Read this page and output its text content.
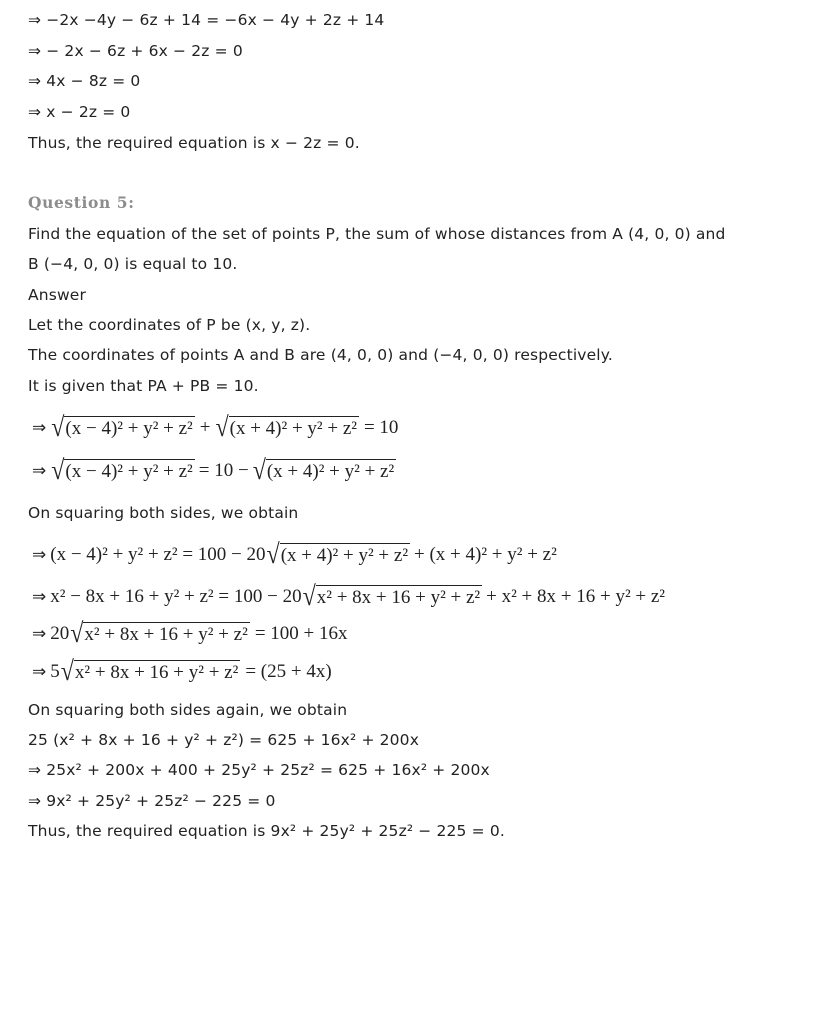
⇒ −2x −4y − 6z + 14 = −6x − 4y + 2z + 14
⇒ − 2x − 6z + 6x − 2z = 0
⇒ 4x − 8z = 0
⇒ x − 2z = 0
Thus, the required equation is x − 2z = 0.
Question 5:
Find the equation of the set of points P, the sum of whose distances from A (4, 0, 0) and
B (−4, 0, 0) is equal to 10.
Answer
Let the coordinates of P be (x, y, z).
The coordinates of points A and B are (4, 0, 0) and (−4, 0, 0) respectively.
It is given that PA + PB = 10.
⇒ √ (x − 4)² + y² + z² + √ (x + 4)² + y² + z² = 10
⇒ √ (x − 4)² + y² + z² = 10 − √ (x + 4)² + y² + z²
On squaring both sides, we obtain
⇒ (x − 4)² + y² + z² = 100 − 20 √ (x + 4)² + y² + z² + (x + 4)² + y² + z²
⇒ x² − 8x + 16 + y² + z² = 100 − 20 √ x² + 8x + 16 + y² + z² + x² + 8x + 16 + y² + z²
⇒ 20 √ x² + 8x + 16 + y² + z² = 100 + 16x
⇒ 5 √ x² + 8x + 16 + y² + z² = (25 + 4x)
On squaring both sides again, we obtain
25 (x² + 8x + 16 + y² + z²) = 625 + 16x² + 200x
⇒ 25x² + 200x + 400 + 25y² + 25z² = 625 + 16x² + 200x
⇒ 9x² + 25y² + 25z² − 225 = 0
Thus, the required equation is 9x² + 25y² + 25z² − 225 = 0.
